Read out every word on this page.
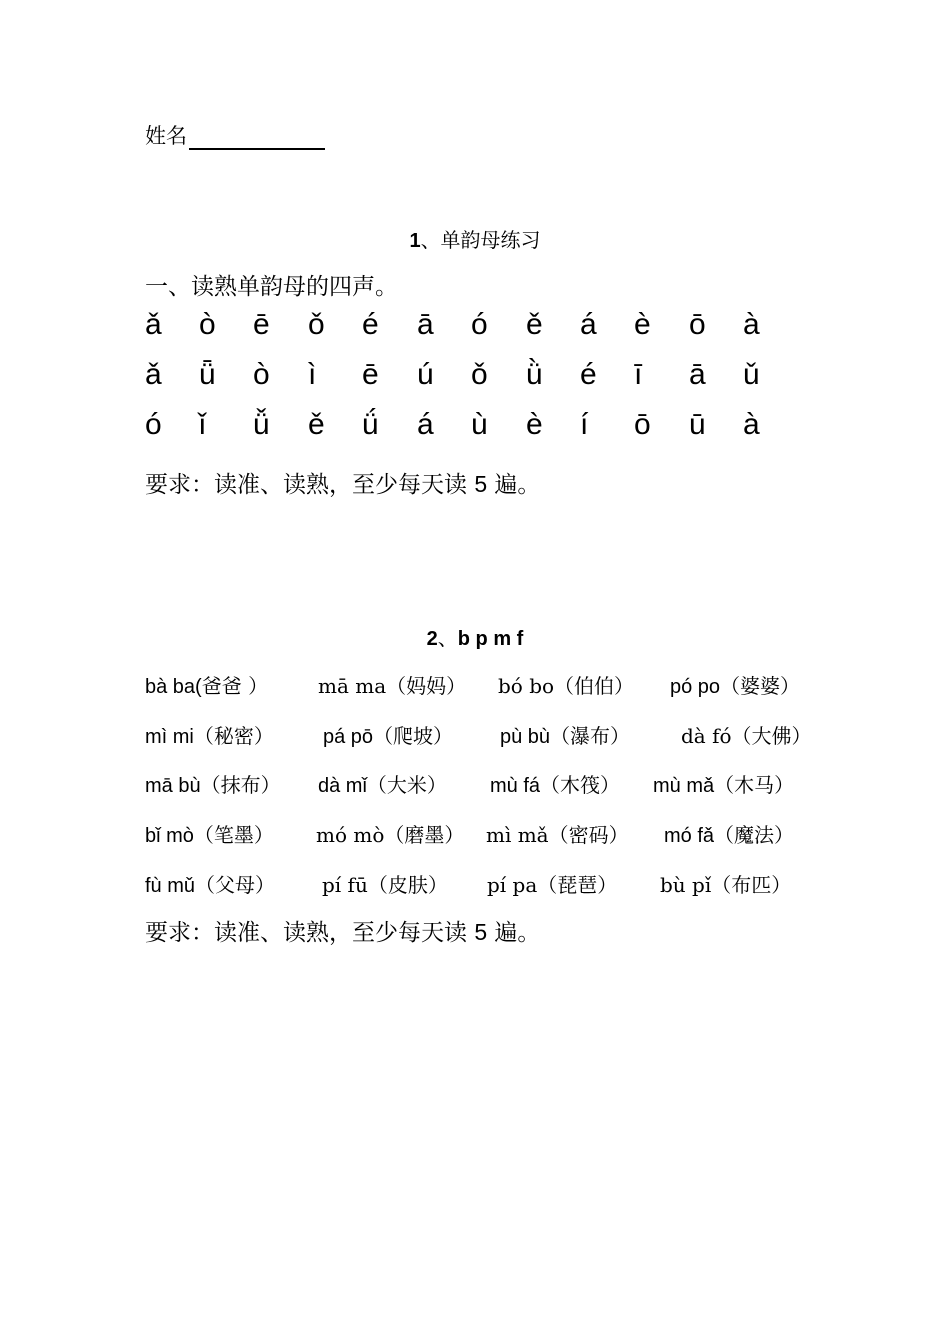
姓名
1、单韵母练习
一、读熟单韵母的四声。
ǎ ò ē ǒ é ā ó ě á è ō à
ǎ ǖ ò ì ē ú ǒ ǜ é ī ā ǔ
ó ǐ ǚ ě ǘ á ù è í ō ū à
要求：读准、读熟，至少每天读 5 遍。
2、b p m f
bà ba(爸爸 ） mā ma（妈妈） bó bo（伯伯） pó po（婆婆）
mì mi（秘密） pá pō（爬坡） pù bù（瀑布）	dà fó（大佛）
mā bù（抹布） dà mǐ（大米） mù fá（木筏） mù mǎ（木马）
bǐ mò（笔墨） mó mò（磨墨） mì mǎ（密码） mó fǎ（魔法）
fù mǔ（父母） pí fū（皮肤） pí pa（琵琶） bù pǐ（布匹）
要求：读准、读熟，至少每天读 5 遍。
